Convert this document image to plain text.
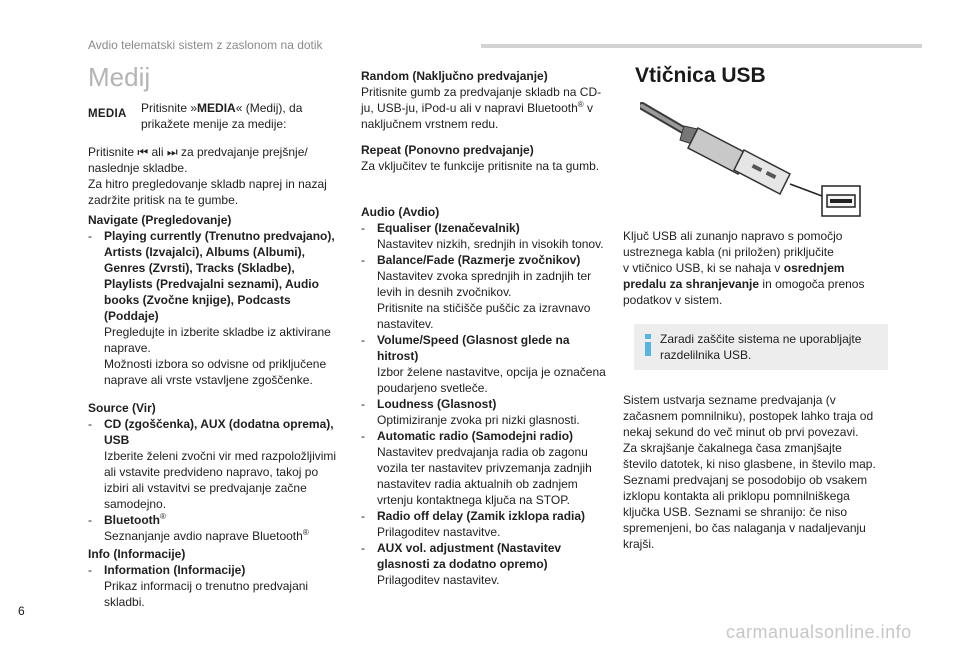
Avdio telematski sistem z zaslonom na dotik
Medij
MEDIA Pritisnite »MEDIA« (Medij), da
prikažete menije za medije:
Pritisnite ⏮ ali ⏭ za predvajanje prejšnje/
naslednje skladbe.
Za hitro pregledovanje skladb naprej in nazaj
zadržite pritisk na te gumbe.
Navigate (Pregledovanje)
- Playing currently (Trenutno predvajano),
Artists (Izvajalci), Albums (Albumi),
Genres (Zvrsti), Tracks (Skladbe),
Playlists (Predvajalni seznami), Audio
books (Zvočne knjige), Podcasts
(Poddaje)
Pregledujte in izberite skladbe iz aktivirane
naprave.
Možnosti izbora so odvisne od priključene
naprave ali vrste vstavljene zgoščenke.
Source (Vir)
- CD (zgoščenka), AUX (dodatna oprema),
USB
Izberite želeni zvočni vir med razpoložljivimi
ali vstavite predvideno napravo, takoj po
izbiri ali vstavitvi se predvajanje začne
samodejno.
- Bluetooth®
Seznanjanje avdio naprave Bluetooth®
Info (Informacije)
- Information (Informacije)
Prikaz informacij o trenutno predvajani
skladbi.
Random (Naključno predvajanje)
Pritisnite gumb za predvajanje skladb na CD-
ju, USB-ju, iPod-u ali v napravi Bluetooth® v
naključnem vrstnem redu.
Repeat (Ponovno predvajanje)
Za vključitev te funkcije pritisnite na ta gumb.
Audio (Avdio)
- Equaliser (Izenačevalnik)
Nastavitev nizkih, srednjih in visokih tonov.
- Balance/Fade (Razmerje zvočnikov)
Nastavitev zvoka sprednjih in zadnjih ter
levih in desnih zvočnikov.
Pritisnite na stičišče puščic za izravnavo
nastavitev.
- Volume/Speed (Glasnost glede na
hitrost)
Izbor želene nastavitve, opcija je označena
poudarjeno svetleče.
- Loudness (Glasnost)
Optimiziranje zvoka pri nizki glasnosti.
- Automatic radio (Samodejni radio)
Nastavitev predvajanja radia ob zagonu
vozila ter nastavitev privzemanja zadnjih
nastavitev radia aktualnih ob zadnjem
vrtenju kontaktnega ključa na STOP.
- Radio off delay (Zamik izklopa radia)
Prilagoditev nastavitve.
- AUX vol. adjustment (Nastavitev
glasnosti za dodatno opremo)
Prilagoditev nastavitev.
Vtičnica USB
Ključ USB ali zunanjo napravo s pomočjo
ustreznega kabla (ni priložen) priključite
v vtičnico USB, ki se nahaja v osrednjem
predalu za shranjevanje in omogoča prenos
podatkov v sistem.
Zaradi zaščite sistema ne uporabljajte
razdelilnika USB.
Sistem ustvarja sezname predvajanja (v
začasnem pomnilniku), postopek lahko traja od
nekaj sekund do več minut ob prvi povezavi.
Za skrajšanje čakalnega časa zmanjšajte
število datotek, ki niso glasbene, in število map.
Seznami predvajanj se posodobijo ob vsakem
izklopu kontakta ali priklopu pomnilniškega
ključka USB. Seznami se shranijo: če niso
spremenjeni, bo čas nalaganja v nadaljevanju
krajši.
6
carmanualsonline.info
